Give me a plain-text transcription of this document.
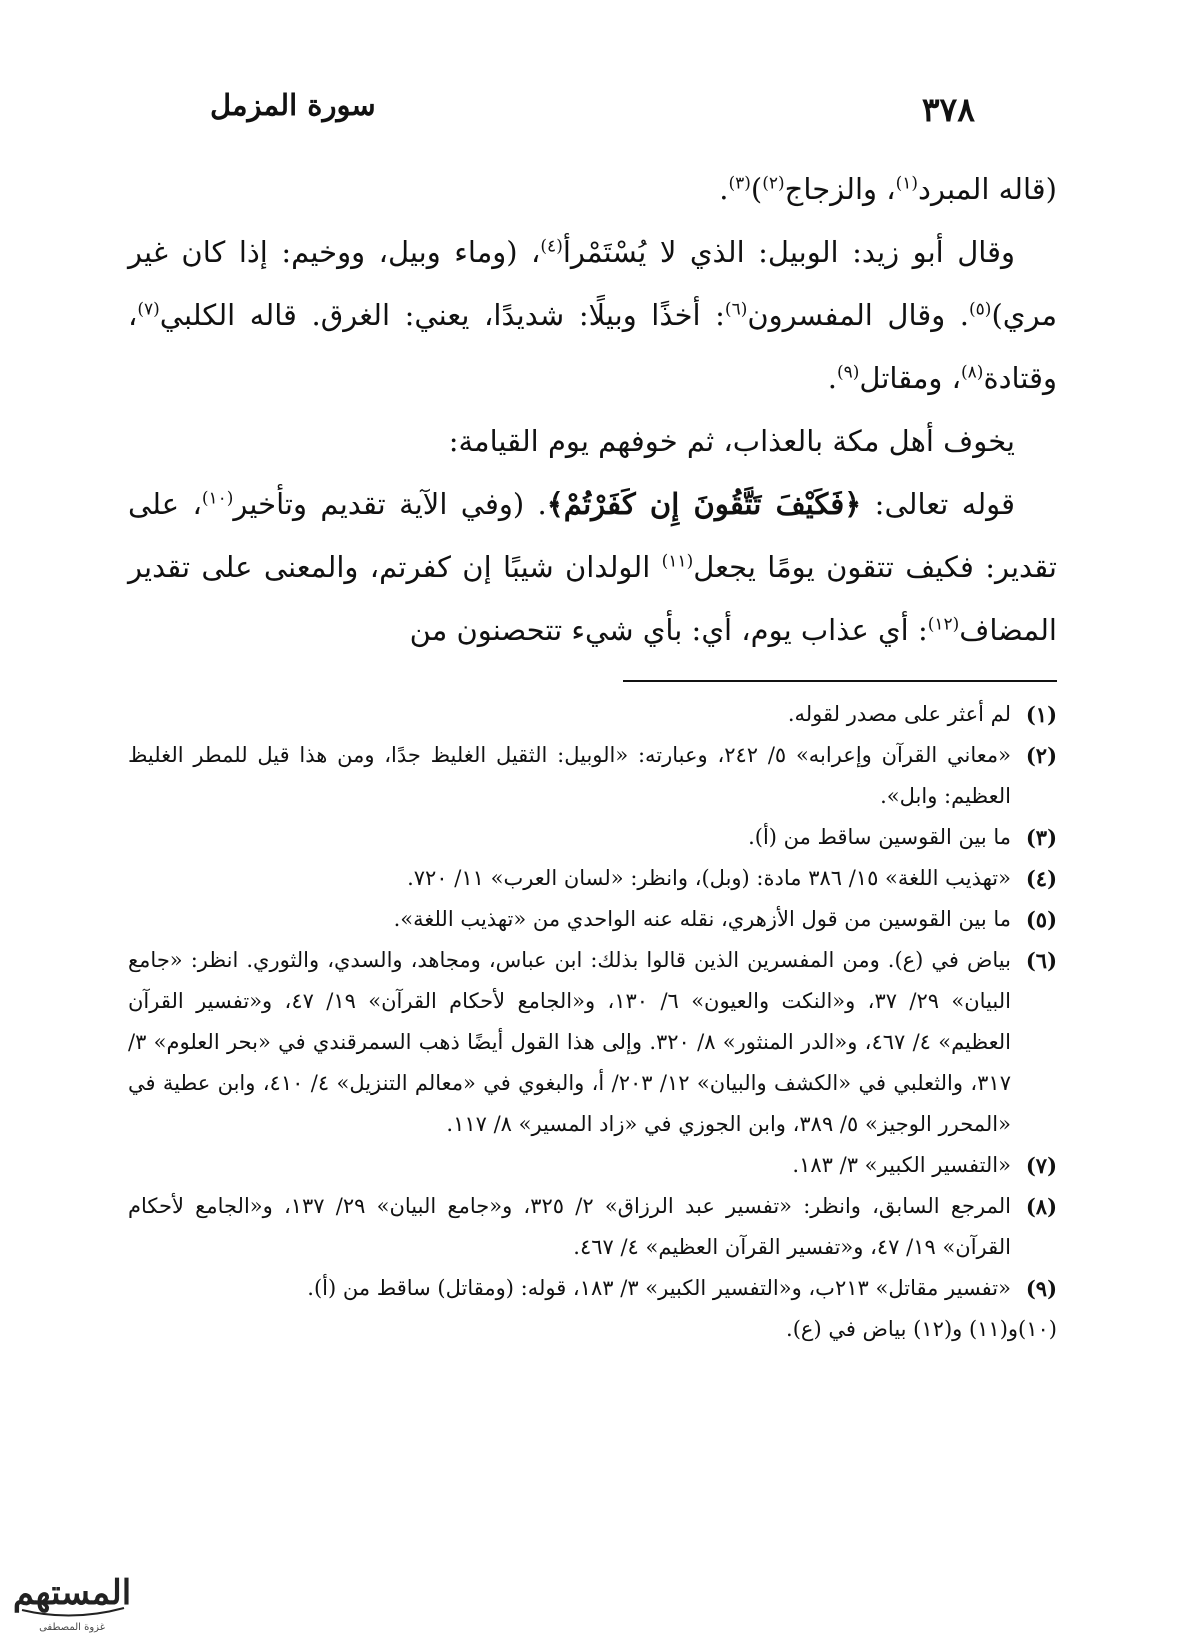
٣٧٨
سورة المزمل

(قاله المبرد$^{(١)}$، والزجاج$^{(٢)}$)$^{(٣)}$.

وقال أبو زيد: الوبيل: الذي لا يُسْتَمْرأ$^{(٤)}$، (وماء وبيل، ووخيم: إذا كان غير مري)$^{(٥)}$. وقال المفسرون$^{(٦)}$: أخذًا وبيلًا: شديدًا، يعني: الغرق. قاله الكلبي$^{(٧)}$، وقتادة$^{(٨)}$، ومقاتل$^{(٩)}$.

يخوف أهل مكة بالعذاب، ثم خوفهم يوم القيامة:

قوله تعالى: ﴿فَكَيْفَ تَتَّقُونَ إِن كَفَرْتُمْ﴾. (وفي الآية تقديم وتأخير$^{(١٠)}$، على تقدير: فكيف تتقون يومًا يجعل$^{(١١)}$ الولدان شيبًا إن كفرتم، والمعنى على تقدير المضاف$^{(١٢)}$: أي عذاب يوم، أي: بأي شيء تتحصنون من

(١)
لم أعثر على مصدر لقوله.
(٢)
«معاني القرآن وإعرابه» ٥/ ٢٤٢، وعبارته: «الوبيل: الثقيل الغليظ جدًا، ومن هذا قيل للمطر الغليظ العظيم: وابل».
(٣)
ما بين القوسين ساقط من (أ).
(٤)
«تهذيب اللغة» ١٥/ ٣٨٦ مادة: (وبل)، وانظر: «لسان العرب» ١١/ ٧٢٠.
(٥)
ما بين القوسين من قول الأزهري، نقله عنه الواحدي من «تهذيب اللغة».
(٦)
بياض في (ع). ومن المفسرين الذين قالوا بذلك: ابن عباس، ومجاهد، والسدي، والثوري. انظر: «جامع البيان» ٢٩/ ٣٧، و«النكت والعيون» ٦/ ١٣٠، و«الجامع لأحكام القرآن» ١٩/ ٤٧، و«تفسير القرآن العظيم» ٤/ ٤٦٧، و«الدر المنثور» ٨/ ٣٢٠. وإلى هذا القول أيضًا ذهب السمرقندي في «بحر العلوم» ٣/ ٣١٧، والثعلبي في «الكشف والبيان» ١٢/ ٢٠٣/ أ، والبغوي في «معالم التنزيل» ٤/ ٤١٠، وابن عطية في «المحرر الوجيز» ٥/ ٣٨٩، وابن الجوزي في «زاد المسير» ٨/ ١١٧.
(٧)
«التفسير الكبير» ٣/ ١٨٣.
(٨)
المرجع السابق، وانظر: «تفسير عبد الرزاق» ٢/ ٣٢٥، و«جامع البيان» ٢٩/ ١٣٧، و«الجامع لأحكام القرآن» ١٩/ ٤٧، و«تفسير القرآن العظيم» ٤/ ٤٦٧.
(٩)
«تفسير مقاتل» ٢١٣ب، و«التفسير الكبير» ٣/ ١٨٣، قوله: (ومقاتل) ساقط من (أ).

(١٠)و(١١) و(١٢) بياض في (ع).

المستهم
غزوة المصطفى
